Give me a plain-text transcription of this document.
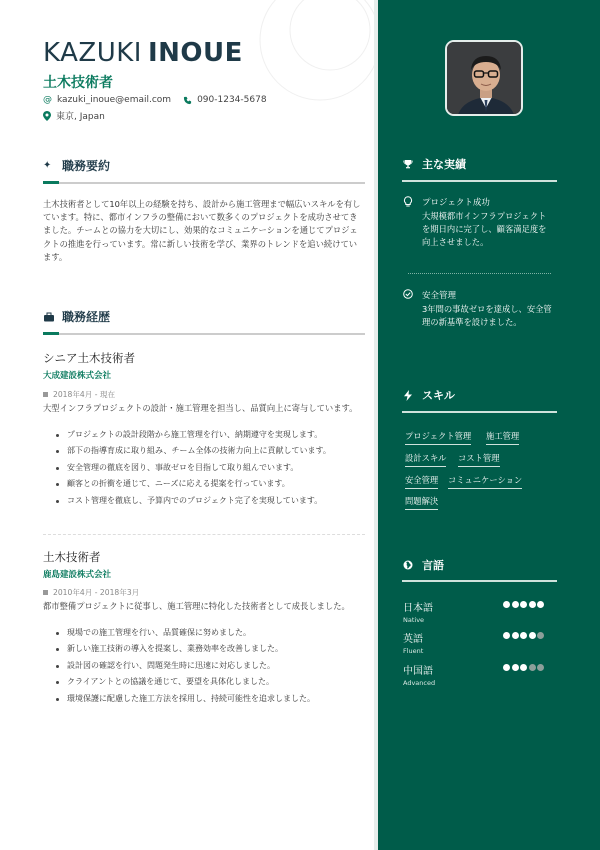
KAZUKI INOUE
土木技術者
@ kazuki_inoue@email.com	090-1234-5678
東京, Japan
✦ 職務要約
土木技術者として10年以上の経験を持ち、設計から施工管理まで幅広いスキルを有しています。特に、都市インフラの整備において数多くのプロジェクトを成功させてきました。チームとの協力を大切にし、効果的なコミュニケーションを通じてプロジェクトの推進を行っています。常に新しい技術を学び、業界のトレンドを追い続けています。
職務経歴
シニア土木技術者
大成建設株式会社
2018年4月 - 現在
大型インフラプロジェクトの設計・施工管理を担当し、品質向上に寄与しています。
プロジェクトの設計段階から施工管理を行い、納期遵守を実現します。
部下の指導育成に取り組み、チーム全体の技術力向上に貢献しています。
安全管理の徹底を図り、事故ゼロを目指して取り組んでいます。
顧客との折衝を通じて、ニーズに応える提案を行っています。
コスト管理を徹底し、予算内でのプロジェクト完了を実現しています。
土木技術者
鹿島建設株式会社
2010年4月 - 2018年3月
都市整備プロジェクトに従事し、施工管理に特化した技術者として成長しました。
現場での施工管理を行い、品質確保に努めました。
新しい施工技術の導入を提案し、業務効率を改善しました。
設計図の確認を行い、問題発生時に迅速に対応しました。
クライアントとの協議を通じて、要望を具体化しました。
環境保護に配慮した施工方法を採用し、持続可能性を追求しました。
主な実績
プロジェクト成功
大規模都市インフラプロジェクトを期日内に完了し、顧客満足度を向上させました。
安全管理
3年間の事故ゼロを達成し、安全管理の新基準を設けました。
スキル
プロジェクト管理 施工管理
設計スキル コスト管理
安全管理 コミュニケーション
問題解決
言語
日本語
Native
英語
Fluent
中国語
Advanced
